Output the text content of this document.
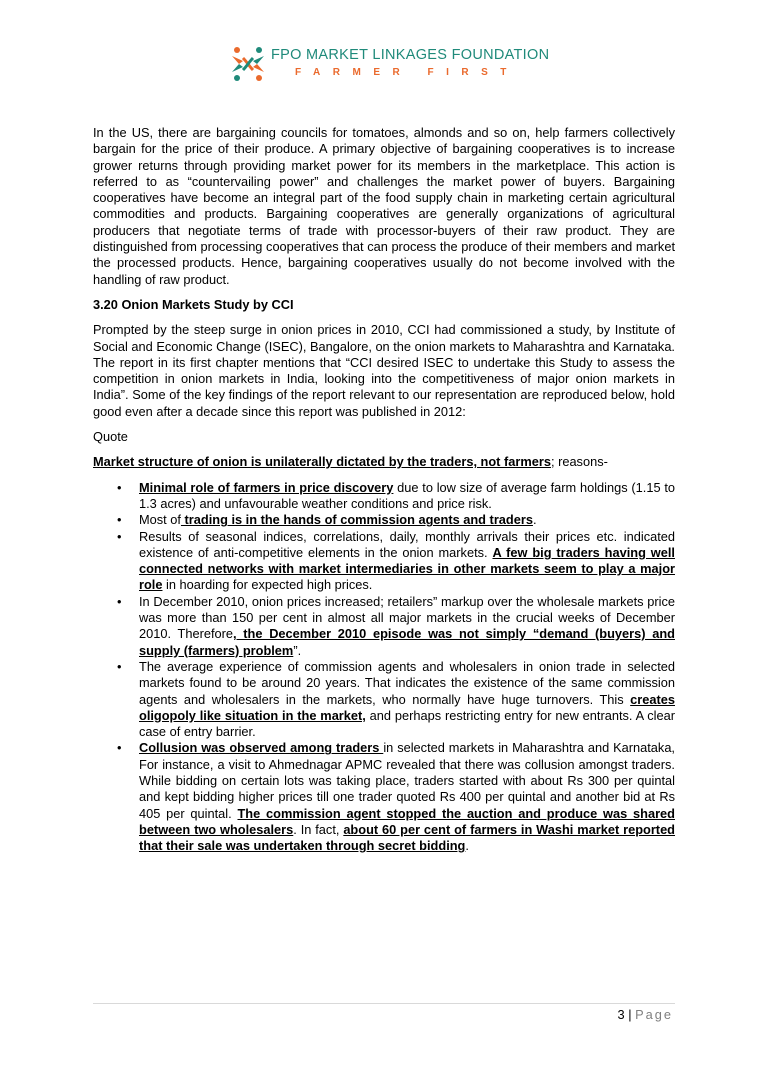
FPO MARKET LINKAGES FOUNDATION
FARMER FIRST

In the US, there are bargaining councils for tomatoes, almonds and so on, help farmers collectively bargain for the price of their produce. A primary objective of bargaining cooperatives is to increase grower returns through providing market power for its members in the marketplace. This action is referred to as “countervailing power” and challenges the market power of buyers. Bargaining cooperatives have become an integral part of the food supply chain in marketing certain agricultural commodities and products. Bargaining cooperatives are generally organizations of agricultural producers that negotiate terms of trade with processor-buyers of their raw product. They are distinguished from processing cooperatives that can process the produce of their members and market the processed products. Hence, bargaining cooperatives usually do not become involved with the handling of raw product.

3.20 Onion Markets Study by CCI

Prompted by the steep surge in onion prices in 2010, CCI had commissioned a study, by Institute of Social and Economic Change (ISEC), Bangalore, on the onion markets to Maharashtra and Karnataka. The report in its first chapter mentions that “CCI desired ISEC to undertake this Study to assess the competition in onion markets in India, looking into the competitiveness of major onion markets in India”. Some of the key findings of the report relevant to our representation are reproduced below, hold good even after a decade since this report was published in 2012:

Quote

Market structure of onion is unilaterally dictated by the traders, not farmers; reasons-

• Minimal role of farmers in price discovery due to low size of average farm holdings (1.15 to 1.3 acres) and unfavourable weather conditions and price risk.
• Most of trading is in the hands of commission agents and traders.
• Results of seasonal indices, correlations, daily, monthly arrivals their prices etc. indicated existence of anti-competitive elements in the onion markets. A few big traders having well connected networks with market intermediaries in other markets seem to play a major role in hoarding for expected high prices.
• In December 2010, onion prices increased; retailers” markup over the wholesale markets price was more than 150 per cent in almost all major markets in the crucial weeks of December 2010. Therefore, the December 2010 episode was not simply “demand (buyers) and supply (farmers) problem”.
• The average experience of commission agents and wholesalers in onion trade in selected markets found to be around 20 years. That indicates the existence of the same commission agents and wholesalers in the markets, who normally have huge turnovers. This creates oligopoly like situation in the market, and perhaps restricting entry for new entrants. A clear case of entry barrier.
• Collusion was observed among traders in selected markets in Maharashtra and Karnataka, For instance, a visit to Ahmednagar APMC revealed that there was collusion amongst traders. While bidding on certain lots was taking place, traders started with about Rs 300 per quintal and kept bidding higher prices till one trader quoted Rs 400 per quintal and another bid at Rs 405 per quintal. The commission agent stopped the auction and produce was shared between two wholesalers. In fact, about 60 per cent of farmers in Washi market reported that their sale was undertaken through secret bidding.
3 | Page
